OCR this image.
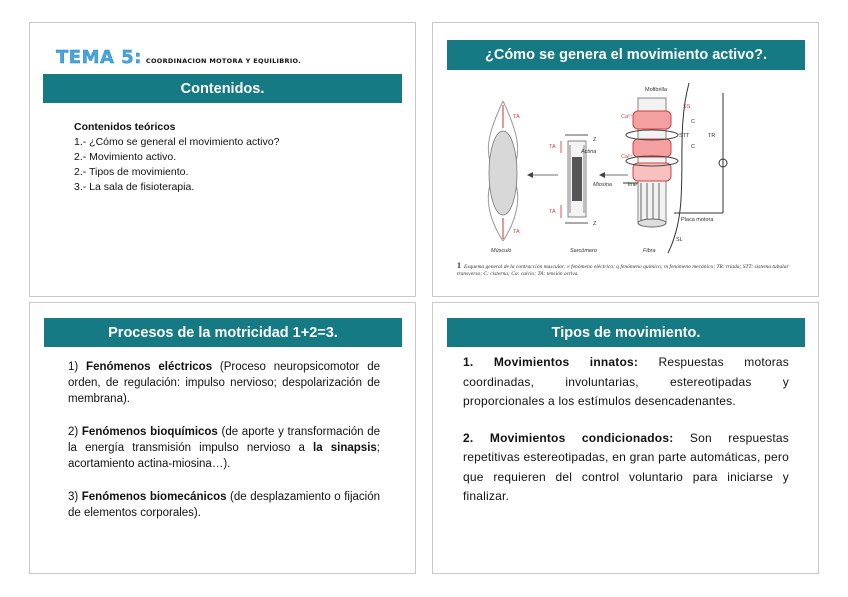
TEMA 5: COORDINACION MOTORA Y EQUILIBRIO.
Contenidos.
Contenidos teóricos
1.- ¿Cómo se general el movimiento activo?
2.- Movimiento activo.
2.- Tipos de movimiento.
3.- La sala de fisioterapia.
¿Cómo se genera el movimiento activo?.
Mofibrilla
SS
Ca²⁺
Ca²⁺
C
C
STT	TR
Actina
Miosina	ime
Placa motora
SL
Z
Z
TA
TA
TA
TA
Músculo	Sarcómero	Fibra
1 Esquema general de la contracción muscular: e fenómeno eléctrico; q fenómeno químico; m fenómeno mecánico; TR: tríada; STT: sistema tubular transverso; C: cisterna; Ca: calcio; TA: tensión activa.
Procesos de la motricidad 1+2=3.

1) Fenómenos eléctricos (Proceso neuropsicomotor de orden, de regulación: impulso nervioso; despolarización de membrana).

2) Fenómenos bioquímicos (de aporte y transformación de la energía transmisión impulso nervioso a la sinapsis; acortamiento actina-miosina…).

3) Fenómenos biomecánicos (de desplazamiento o fijación de elementos corporales).

Tipos de movimiento.

1. Movimientos innatos: Respuestas motoras coordinadas, involuntarias, estereotipadas y proporcionales a los estímulos desencadenantes.

2. Movimientos condicionados: Son respuestas repetitivas estereotipadas, en gran parte automáticas, pero que requieren del control voluntario para iniciarse y finalizar.
